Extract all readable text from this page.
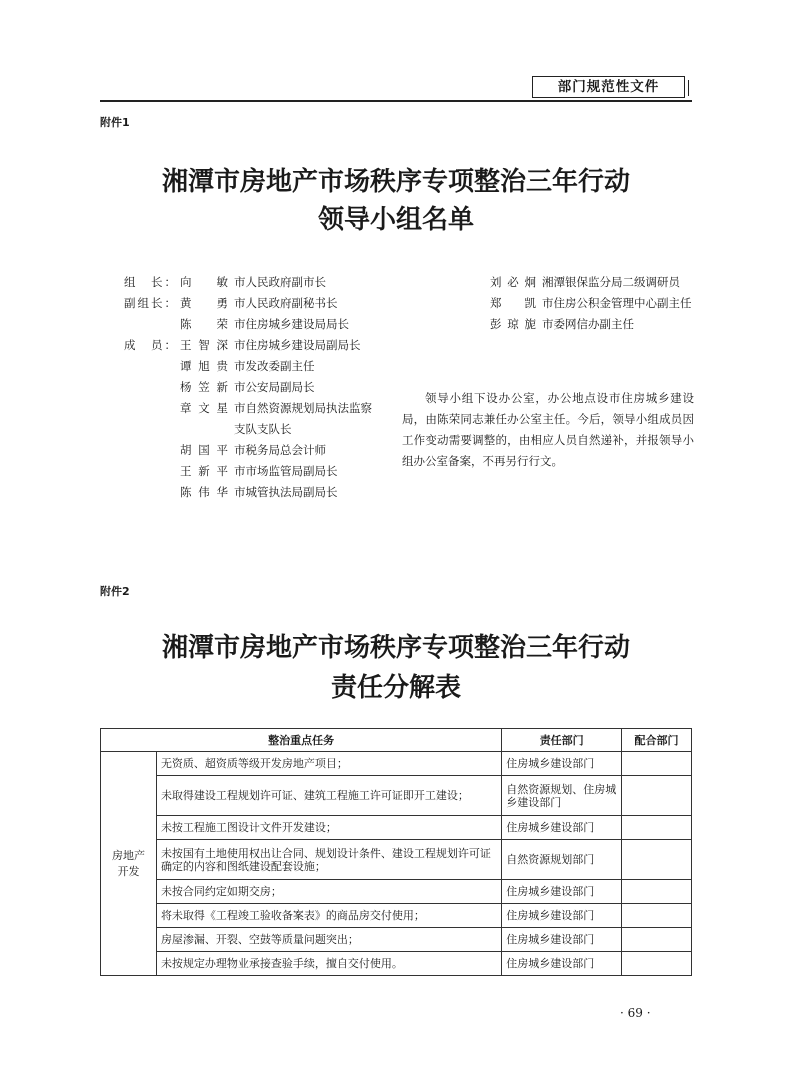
部门规范性文件
附件1
湘潭市房地产市场秩序专项整治三年行动
领导小组名单
组　长： 向　敏 市人民政府副市长
副组长： 黄　勇 市人民政府副秘书长
陈　荣 市住房城乡建设局局长
成　员： 王智深 市住房城乡建设局副局长
谭旭贵 市发改委副主任
杨笠新 市公安局副局长
章文星 市自然资源规划局执法监察支队支队长
胡国平 市税务局总会计师
王新平 市市场监管局副局长
陈伟华 市城管执法局副局长
刘必炯 湘潭银保监分局二级调研员
郑　凯 市住房公积金管理中心副主任
彭琼旎 市委网信办副主任
领导小组下设办公室，办公地点设市住房城乡建设局，由陈荣同志兼任办公室主任。今后，领导小组成员因工作变动需要调整的，由相应人员自然递补，并报领导小组办公室备案，不再另行行文。
附件2
湘潭市房地产市场秩序专项整治三年行动
责任分解表
整治重点任务		责任部门	配合部门
房地产开发	无资质、超资质等级开发房地产项目；	住房城乡建设部门	
	未取得建设工程规划许可证、建筑工程施工许可证即开工建设；	自然资源规划、住房城乡建设部门	
	未按工程施工图设计文件开发建设；	住房城乡建设部门	
	未按国有土地使用权出让合同、规划设计条件、建设工程规划许可证确定的内容和图纸建设配套设施；	自然资源规划部门	
	未按合同约定如期交房；	住房城乡建设部门	
	将未取得《工程竣工验收备案表》的商品房交付使用；	住房城乡建设部门	
	房屋渗漏、开裂、空鼓等质量问题突出；	住房城乡建设部门	
	未按规定办理物业承接查验手续，擅自交付使用。	住房城乡建设部门	
· 69 ·
